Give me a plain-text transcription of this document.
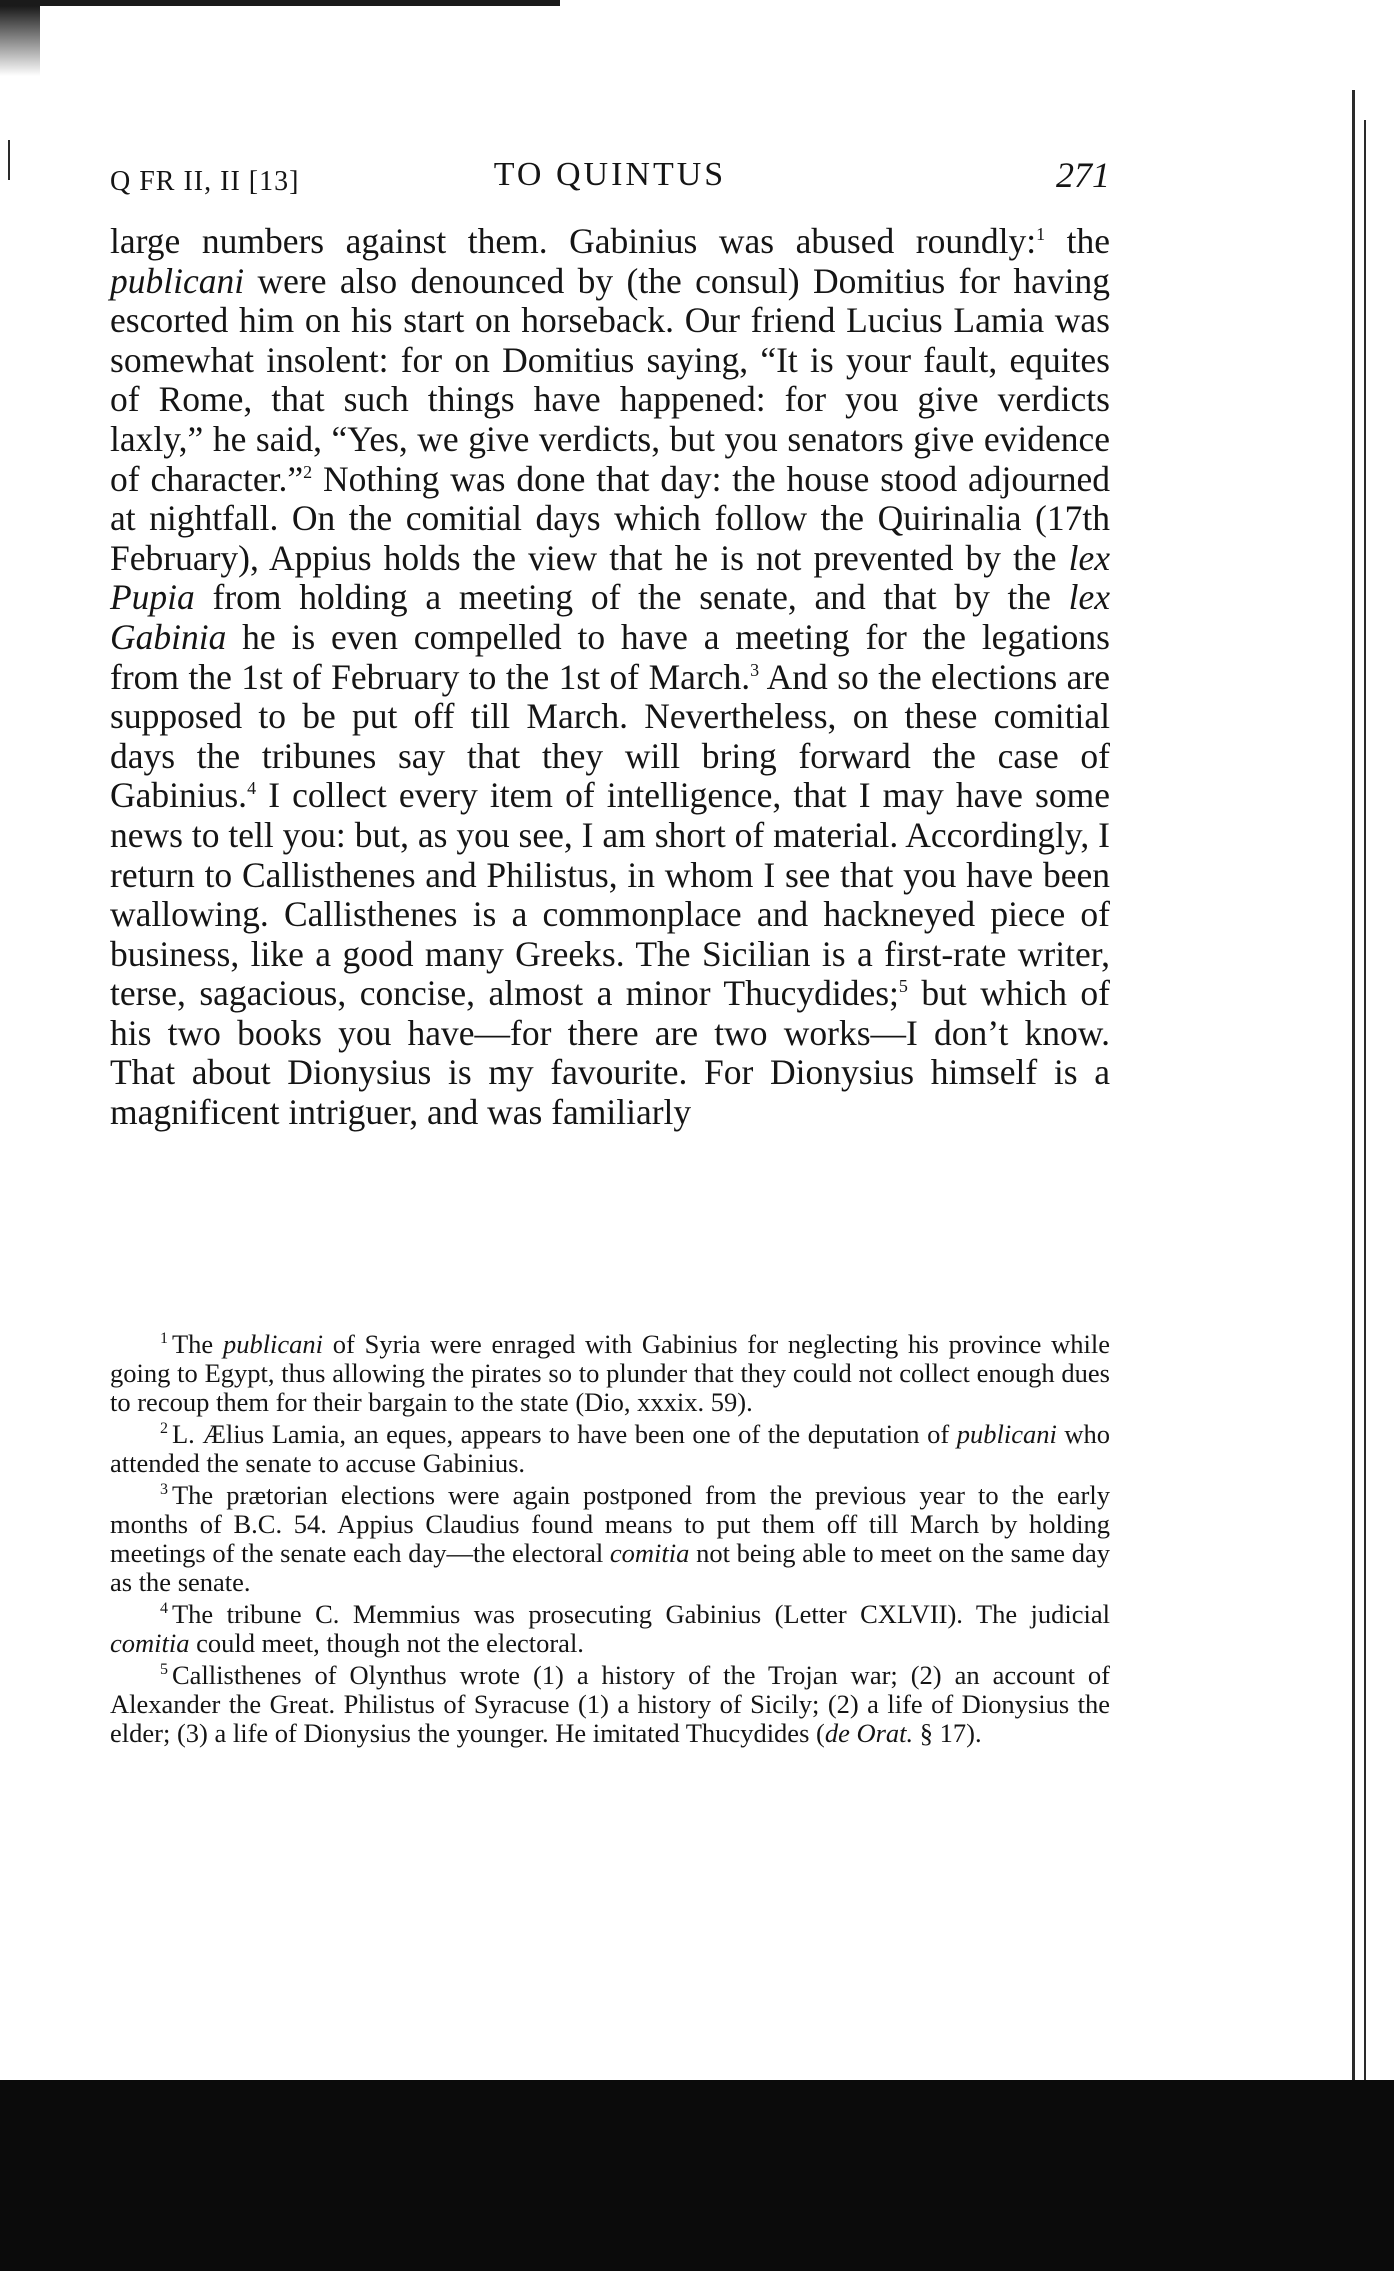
Q FR II, II [13]	TO QUINTUS	271
large numbers against them. Gabinius was abused roundly:$^1$ the publicani were also denounced by (the consul) Domitius for having escorted him on his start on horseback. Our friend Lucius Lamia was somewhat insolent: for on Domitius saying, “It is your fault, equites of Rome, that such things have happened: for you give verdicts laxly,” he said, “Yes, we give verdicts, but you senators give evidence of character.”$^2$ Nothing was done that day: the house stood adjourned at nightfall. On the comitial days which follow the Quirinalia (17th February), Appius holds the view that he is not prevented by the lex Pupia from holding a meeting of the senate, and that by the lex Gabinia he is even compelled to have a meeting for the legations from the 1st of February to the 1st of March.$^3$ And so the elections are supposed to be put off till March. Nevertheless, on these comitial days the tribunes say that they will bring forward the case of Gabinius.$^4$ I collect every item of intelligence, that I may have some news to tell you: but, as you see, I am short of material. Accordingly, I return to Callisthenes and Philistus, in whom I see that you have been wallowing. Callisthenes is a commonplace and hackneyed piece of business, like a good many Greeks. The Sicilian is a first-rate writer, terse, sagacious, concise, almost a minor Thucydides;$^5$ but which of his two books you have—for there are two works—I don’t know. That about Dionysius is my favourite. For Dionysius himself is a magnificent intriguer, and was familiarly

$^1$ The publicani of Syria were enraged with Gabinius for neglecting his province while going to Egypt, thus allowing the pirates so to plunder that they could not collect enough dues to recoup them for their bargain to the state (Dio, xxxix. 59).

$^2$ L. Ælius Lamia, an eques, appears to have been one of the deputation of publicani who attended the senate to accuse Gabinius.

$^3$ The prætorian elections were again postponed from the previous year to the early months of B.C. 54. Appius Claudius found means to put them off till March by holding meetings of the senate each day—the electoral comitia not being able to meet on the same day as the senate.

$^4$ The tribune C. Memmius was prosecuting Gabinius (Letter CXLVII). The judicial comitia could meet, though not the electoral.

$^5$ Callisthenes of Olynthus wrote (1) a history of the Trojan war; (2) an account of Alexander the Great. Philistus of Syracuse (1) a history of Sicily; (2) a life of Dionysius the elder; (3) a life of Dionysius the younger. He imitated Thucydides (de Orat. § 17).
